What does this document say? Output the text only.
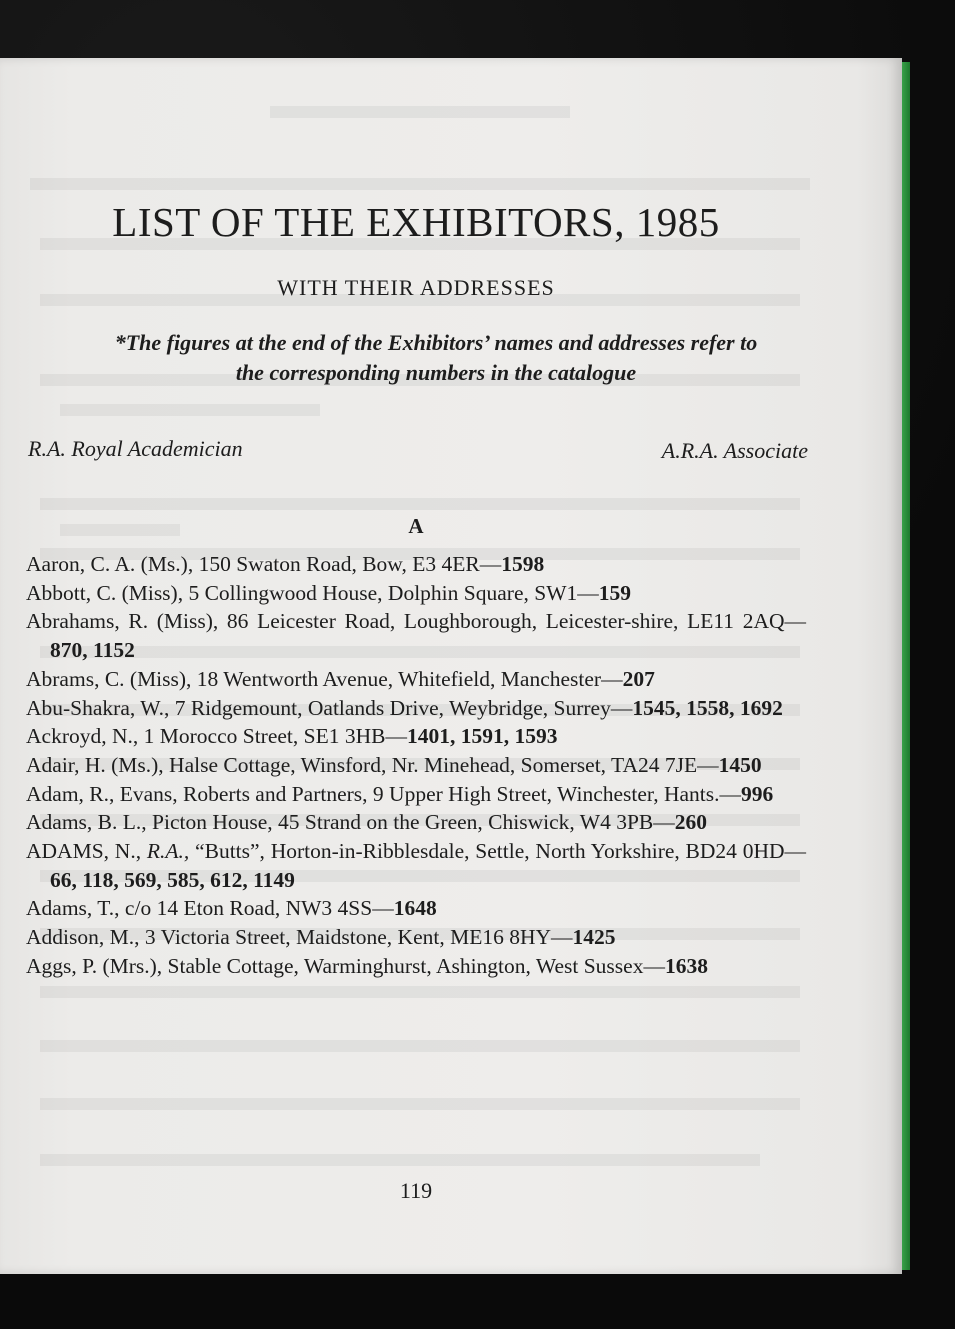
LIST OF THE EXHIBITORS, 1985
WITH THEIR ADDRESSES
*The figures at the end of the Exhibitors’ names and addresses refer to
the corresponding numbers in the catalogue
R.A. Royal Academician	A.R.A. Associate
A

Aaron, C. A. (Ms.), 150 Swaton Road, Bow, E3 4ER—1598

Abbott, C. (Miss), 5 Collingwood House, Dolphin Square, SW1—159

Abrahams, R. (Miss), 86 Leicester Road, Loughborough, Leicester-shire, LE11 2AQ—870, 1152

Abrams, C. (Miss), 18 Wentworth Avenue, Whitefield, Manchester—207

Abu-Shakra, W., 7 Ridgemount, Oatlands Drive, Weybridge, Surrey—1545, 1558, 1692

Ackroyd, N., 1 Morocco Street, SE1 3HB—1401, 1591, 1593

Adair, H. (Ms.), Halse Cottage, Winsford, Nr. Minehead, Somerset, TA24 7JE—1450

Adam, R., Evans, Roberts and Partners, 9 Upper High Street, Winchester, Hants.—996

Adams, B. L., Picton House, 45 Strand on the Green, Chiswick, W4 3PB—260

ADAMS, N., R.A., “Butts”, Horton-in-Ribblesdale, Settle, North Yorkshire, BD24 0HD—66, 118, 569, 585, 612, 1149

Adams, T., c/o 14 Eton Road, NW3 4SS—1648

Addison, M., 3 Victoria Street, Maidstone, Kent, ME16 8HY—1425

Aggs, P. (Mrs.), Stable Cottage, Warminghurst, Ashington, West Sussex—1638

119
